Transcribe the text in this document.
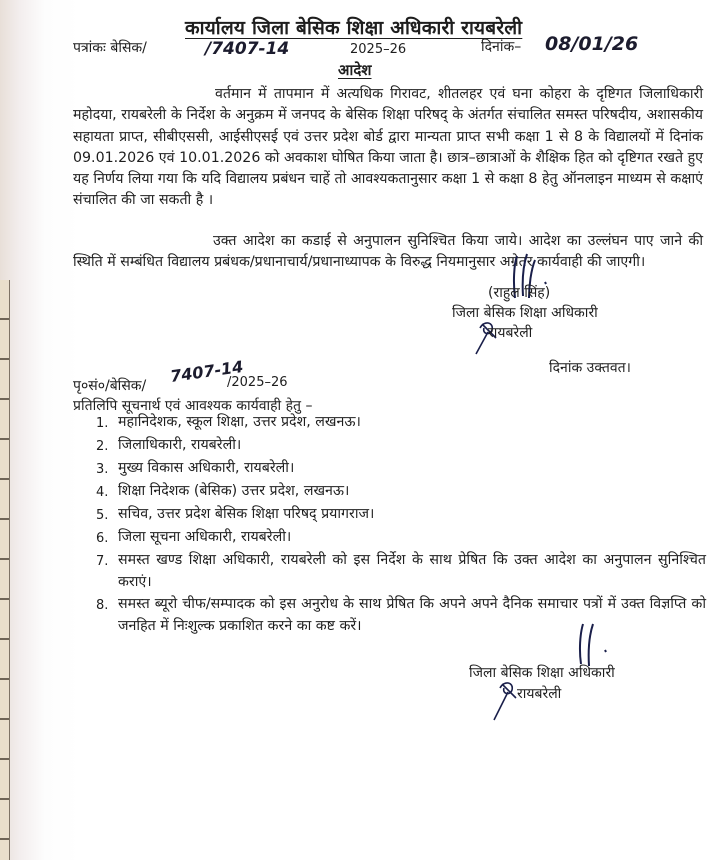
कार्यालय जिला बेसिक शिक्षा अधिकारी रायबरेली
पत्रांकः बेसिक/	/7407-14	2025–26	दिनांक– 08/01/26
आदेश

वर्तमान में तापमान में अत्यधिक गिरावट, शीतलहर एवं घना कोहरा के दृष्टिगत जिलाधिकारी महोदया, रायबरेली के निर्देश के अनुक्रम में जनपद के बेसिक शिक्षा परिषद् के अंतर्गत संचालित समस्त परिषदीय, अशासकीय सहायता प्राप्त, सीबीएससी, आईसीएसई एवं उत्तर प्रदेश बोर्ड द्वारा मान्यता प्राप्त सभी कक्षा 1 से 8 के विद्यालयों में दिनांक 09.01.2026 एवं 10.01.2026 को अवकाश घोषित किया जाता है। छात्र–छात्राओं के शैक्षिक हित को दृष्टिगत रखते हुए यह निर्णय लिया गया कि यदि विद्यालय प्रबंधन चाहें तो आवश्यकतानुसार कक्षा 1 से कक्षा 8 हेतु ऑनलाइन माध्यम से कक्षाएं संचालित की जा सकती है ।

उक्त आदेश का कडाई से अनुपालन सुनिश्चित किया जाये। आदेश का उल्लंघन पाए जाने की स्थिति में सम्बंधित विद्यालय प्रबंधक/प्रधानाचार्य/प्रधानाध्यापक के विरुद्ध नियमानुसार अग्रेतर कार्यवाही की जाएगी।

(राहुल सिंह)
जिला बेसिक शिक्षा अधिकारी
रायबरेली
दिनांक उक्तवत।
पृ०सं०/बेसिक/ 7407-14
/2025–26
प्रतिलिपि सूचनार्थ एवं आवश्यक कार्यवाही हेतु –
1. महानिदेशक, स्कूल शिक्षा, उत्तर प्रदेश, लखनऊ।
2. जिलाधिकारी, रायबरेली।
3. मुख्य विकास अधिकारी, रायबरेली।
4. शिक्षा निदेशक (बेसिक) उत्तर प्रदेश, लखनऊ।
5. सचिव, उत्तर प्रदेश बेसिक शिक्षा परिषद् प्रयागराज।
6. जिला सूचना अधिकारी, रायबरेली।
7. समस्त खण्ड शिक्षा अधिकारी, रायबरेली को इस निर्देश के साथ प्रेषित कि उक्त आदेश का अनुपालन सुनिश्चित कराएं।
8. समस्त ब्यूरो चीफ/सम्पादक को इस अनुरोध के साथ प्रेषित कि अपने अपने दैनिक समाचार पत्रों में उक्त विज्ञप्ति को जनहित में निःशुल्क प्रकाशित करने का कष्ट करें।
जिला बेसिक शिक्षा अधिकारी
रायबरेली
